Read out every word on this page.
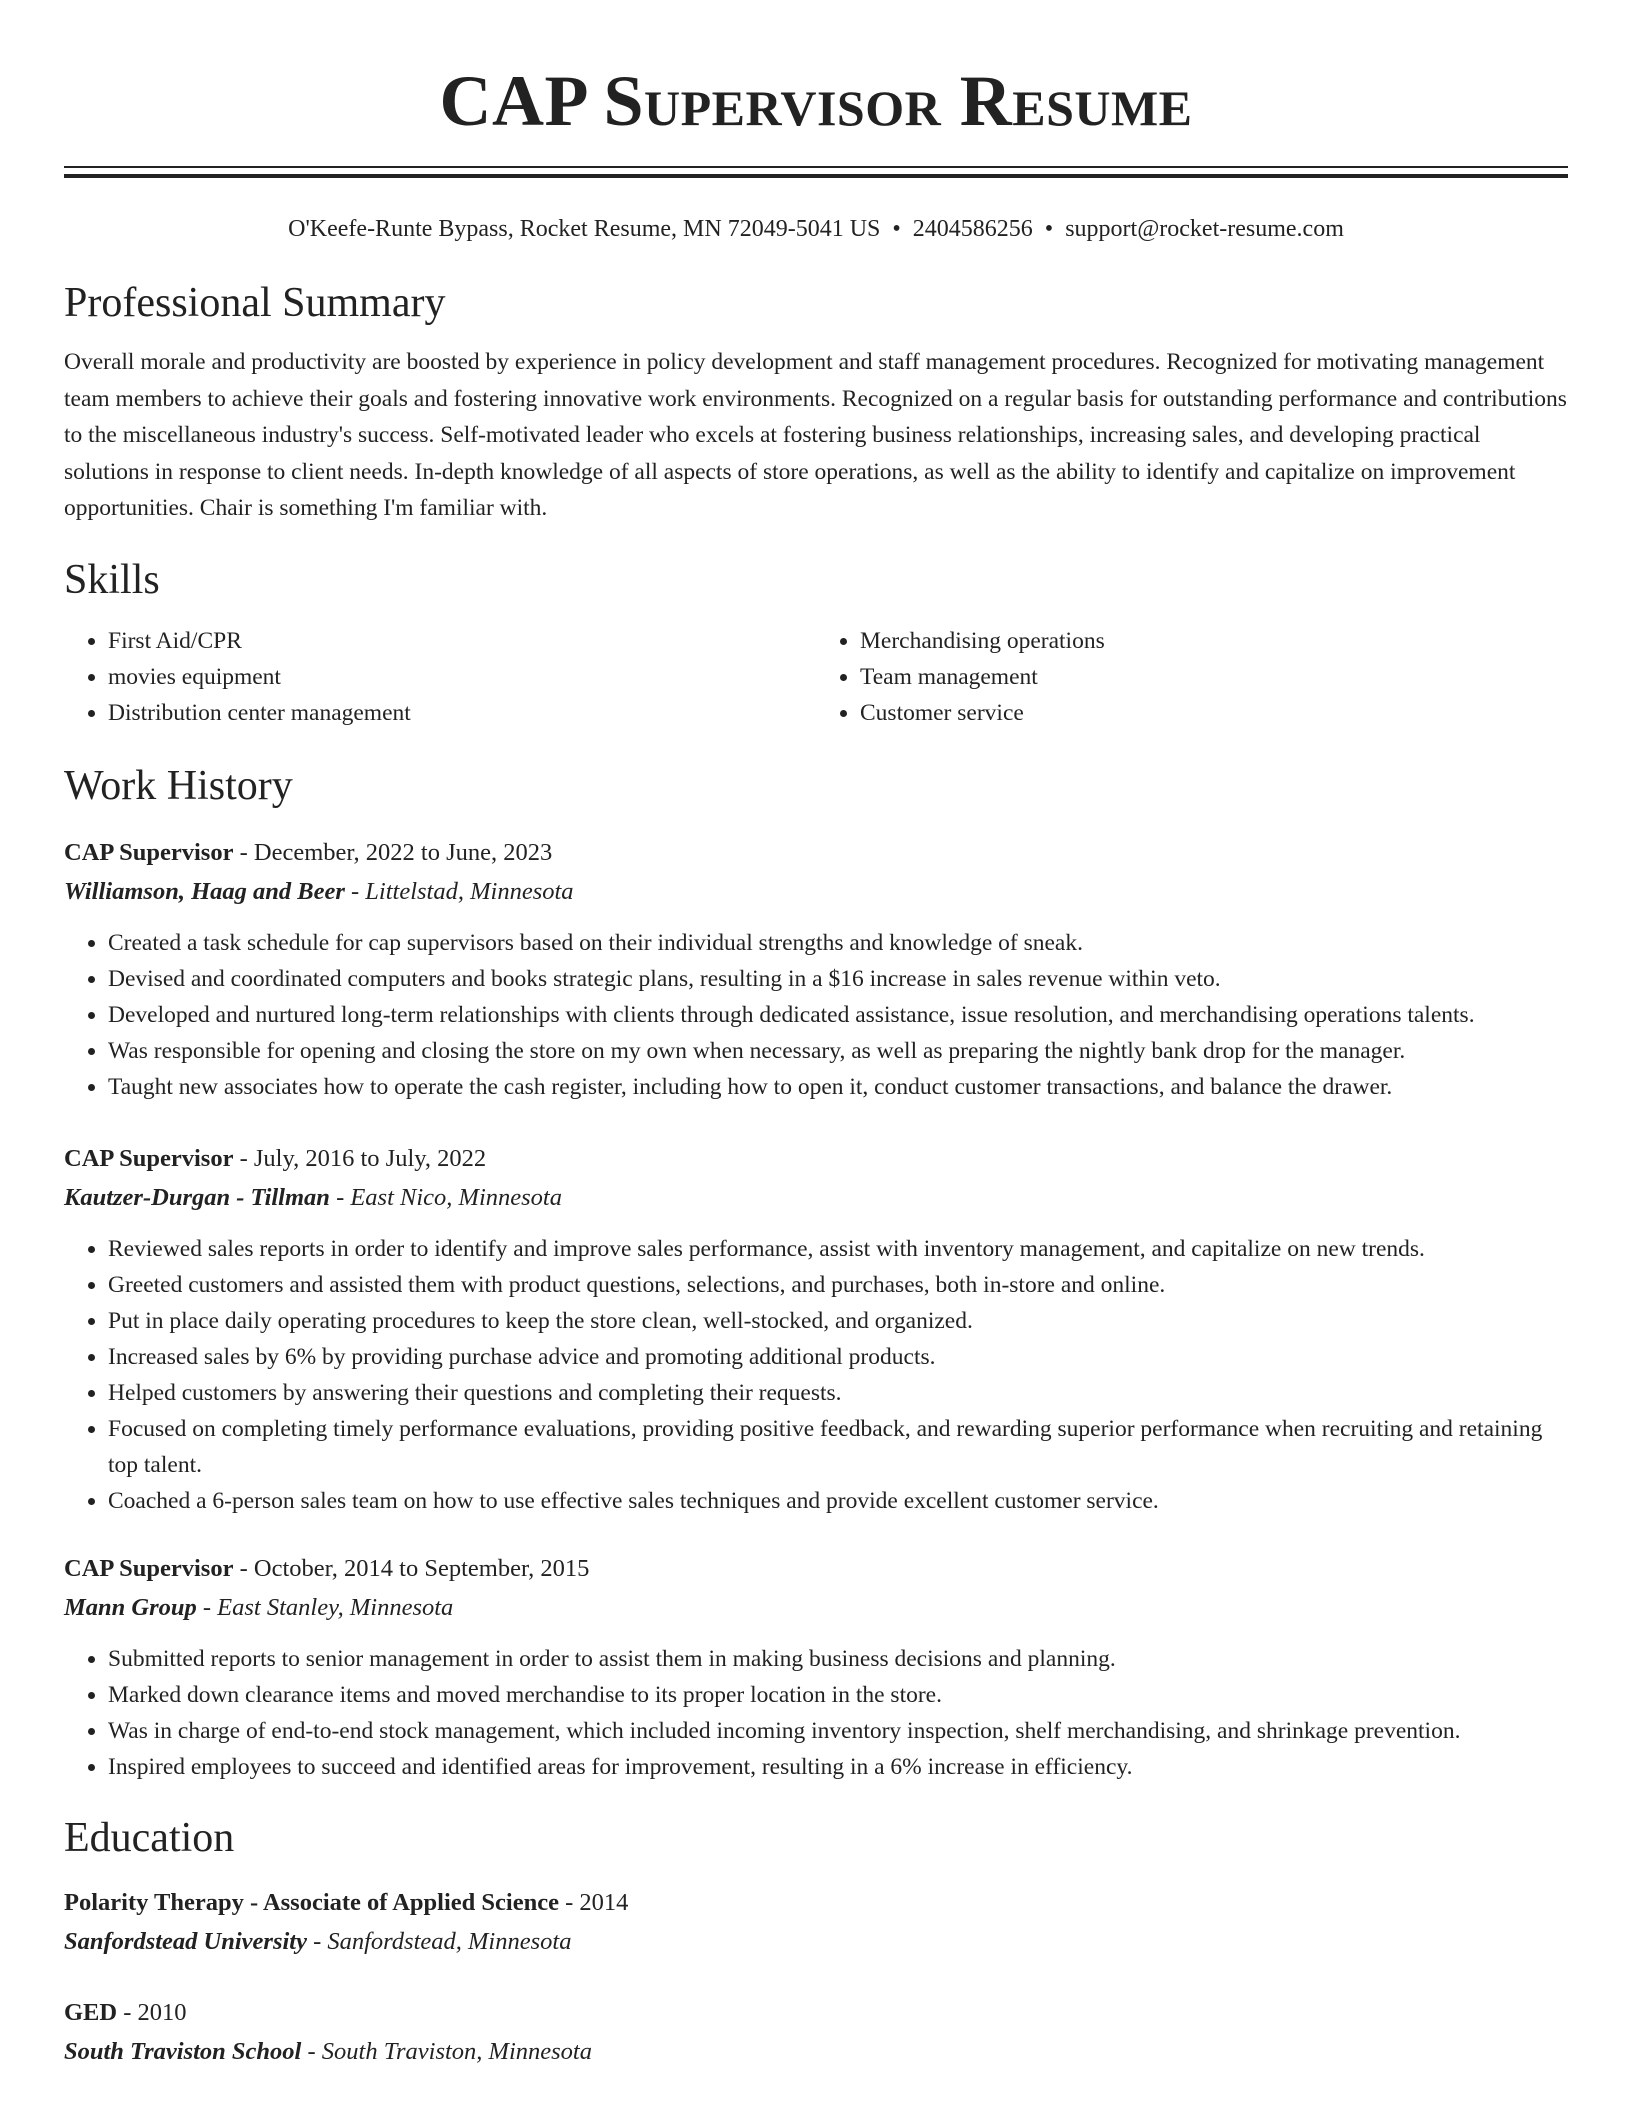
CAP Supervisor Resume
O'Keefe-Runte Bypass, Rocket Resume, MN 72049-5041 US • 2404586256 • support@rocket-resume.com
Professional Summary
Overall morale and productivity are boosted by experience in policy development and staff management procedures. Recognized for motivating management team members to achieve their goals and fostering innovative work environments. Recognized on a regular basis for outstanding performance and contributions to the miscellaneous industry's success. Self-motivated leader who excels at fostering business relationships, increasing sales, and developing practical solutions in response to client needs. In-depth knowledge of all aspects of store operations, as well as the ability to identify and capitalize on improvement opportunities. Chair is something I'm familiar with.
Skills
• First Aid/CPR
• movies equipment
• Distribution center management
• Merchandising operations
• Team management
• Customer service
Work History
CAP Supervisor - December, 2022 to June, 2023
Williamson, Haag and Beer - Littelstad, Minnesota
• Created a task schedule for cap supervisors based on their individual strengths and knowledge of sneak.
• Devised and coordinated computers and books strategic plans, resulting in a $16 increase in sales revenue within veto.
• Developed and nurtured long-term relationships with clients through dedicated assistance, issue resolution, and merchandising operations talents.
• Was responsible for opening and closing the store on my own when necessary, as well as preparing the nightly bank drop for the manager.
• Taught new associates how to operate the cash register, including how to open it, conduct customer transactions, and balance the drawer.
CAP Supervisor - July, 2016 to July, 2022
Kautzer-Durgan - Tillman - East Nico, Minnesota
• Reviewed sales reports in order to identify and improve sales performance, assist with inventory management, and capitalize on new trends.
• Greeted customers and assisted them with product questions, selections, and purchases, both in-store and online.
• Put in place daily operating procedures to keep the store clean, well-stocked, and organized.
• Increased sales by 6% by providing purchase advice and promoting additional products.
• Helped customers by answering their questions and completing their requests.
• Focused on completing timely performance evaluations, providing positive feedback, and rewarding superior performance when recruiting and retaining top talent.
• Coached a 6-person sales team on how to use effective sales techniques and provide excellent customer service.
CAP Supervisor - October, 2014 to September, 2015
Mann Group - East Stanley, Minnesota
• Submitted reports to senior management in order to assist them in making business decisions and planning.
• Marked down clearance items and moved merchandise to its proper location in the store.
• Was in charge of end-to-end stock management, which included incoming inventory inspection, shelf merchandising, and shrinkage prevention.
• Inspired employees to succeed and identified areas for improvement, resulting in a 6% increase in efficiency.
Education
Polarity Therapy - Associate of Applied Science - 2014
Sanfordstead University - Sanfordstead, Minnesota
GED - 2010
South Traviston School - South Traviston, Minnesota
